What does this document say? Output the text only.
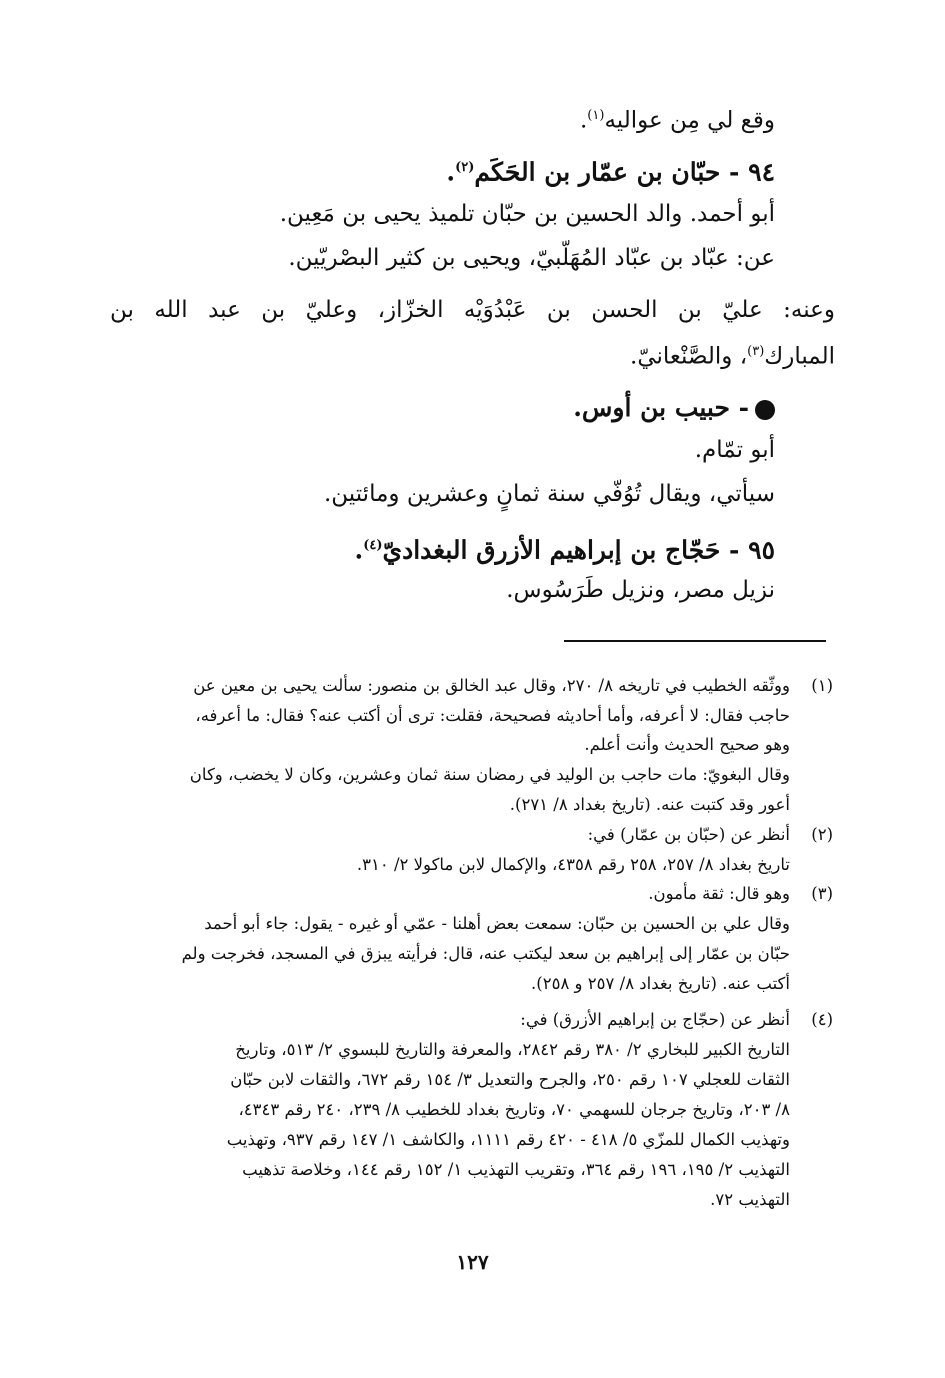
وقع لي مِن عواليه$^{(١)}$.
٩٤ - حبّان بن عمّار بن الحَكَم$^{(٢)}$.
أبو أحمد. والد الحسين بن حبّان تلميذ يحيى بن مَعِين.
عن: عبّاد بن عبّاد المُهَلّبيّ، ويحيى بن كثير البصْريّين.
وعنه: عليّ بن الحسن بن عَبْدُوَيْه الخزّاز، وعليّ بن عبد الله بن
المبارك$^{(٣)}$، والصَّنْعانيّ.
- حبيب بن أوس.
أبو تمّام.
سيأتي، ويقال تُوُفّي سنة ثمانٍ وعشرين ومائتين.
٩٥ - حَجّاج بن إبراهيم الأزرق البغداديّ$^{(٤)}$.
نزيل مصر، ونزيل طَرَسُوس.
(١)
ووثّقه الخطيب في تاريخه ٨/ ٢٧٠، وقال عبد الخالق بن منصور: سألت يحيى بن معين عن
حاجب فقال: لا أعرفه، وأما أحاديثه فصحيحة، فقلت: ترى أن أكتب عنه؟ فقال: ما أعرفه،
وهو صحيح الحديث وأنت أعلم.
وقال البغويّ: مات حاجب بن الوليد في رمضان سنة ثمان وعشرين، وكان لا يخضب، وكان
أعور وقد كتبت عنه. (تاريخ بغداد ٨/ ٢٧١).
(٢)
أنظر عن (حبّان بن عمّار) في:
تاريخ بغداد ٨/ ٢٥٧، ٢٥٨ رقم ٤٣٥٨، والإكمال لابن ماكولا ٢/ ٣١٠.
(٣)
وهو قال: ثقة مأمون.
وقال علي بن الحسين بن حبّان: سمعت بعض أهلنا - عمّي أو غيره - يقول: جاء أبو أحمد
حبّان بن عمّار إلى إبراهيم بن سعد ليكتب عنه، قال: فرأيته يبزق في المسجد، فخرجت ولم
أكتب عنه. (تاريخ بغداد ٨/ ٢٥٧ و ٢٥٨).
(٤)
أنظر عن (حجّاج بن إبراهيم الأزرق) في:
التاريخ الكبير للبخاري ٢/ ٣٨٠ رقم ٢٨٤٢، والمعرفة والتاريخ للبسوي ٢/ ٥١٣، وتاريخ
الثقات للعجلي ١٠٧ رقم ٢٥٠، والجرح والتعديل ٣/ ١٥٤ رقم ٦٧٢، والثقات لابن حبّان
٨/ ٢٠٣، وتاريخ جرجان للسهمي ٧٠، وتاريخ بغداد للخطيب ٨/ ٢٣٩، ٢٤٠ رقم ٤٣٤٣،
وتهذيب الكمال للمزّي ٥/ ٤١٨ - ٤٢٠ رقم ١١١١، والكاشف ١/ ١٤٧ رقم ٩٣٧، وتهذيب
التهذيب ٢/ ١٩٥، ١٩٦ رقم ٣٦٤، وتقريب التهذيب ١/ ١٥٢ رقم ١٤٤، وخلاصة تذهيب
التهذيب ٧٢.
١٢٧
